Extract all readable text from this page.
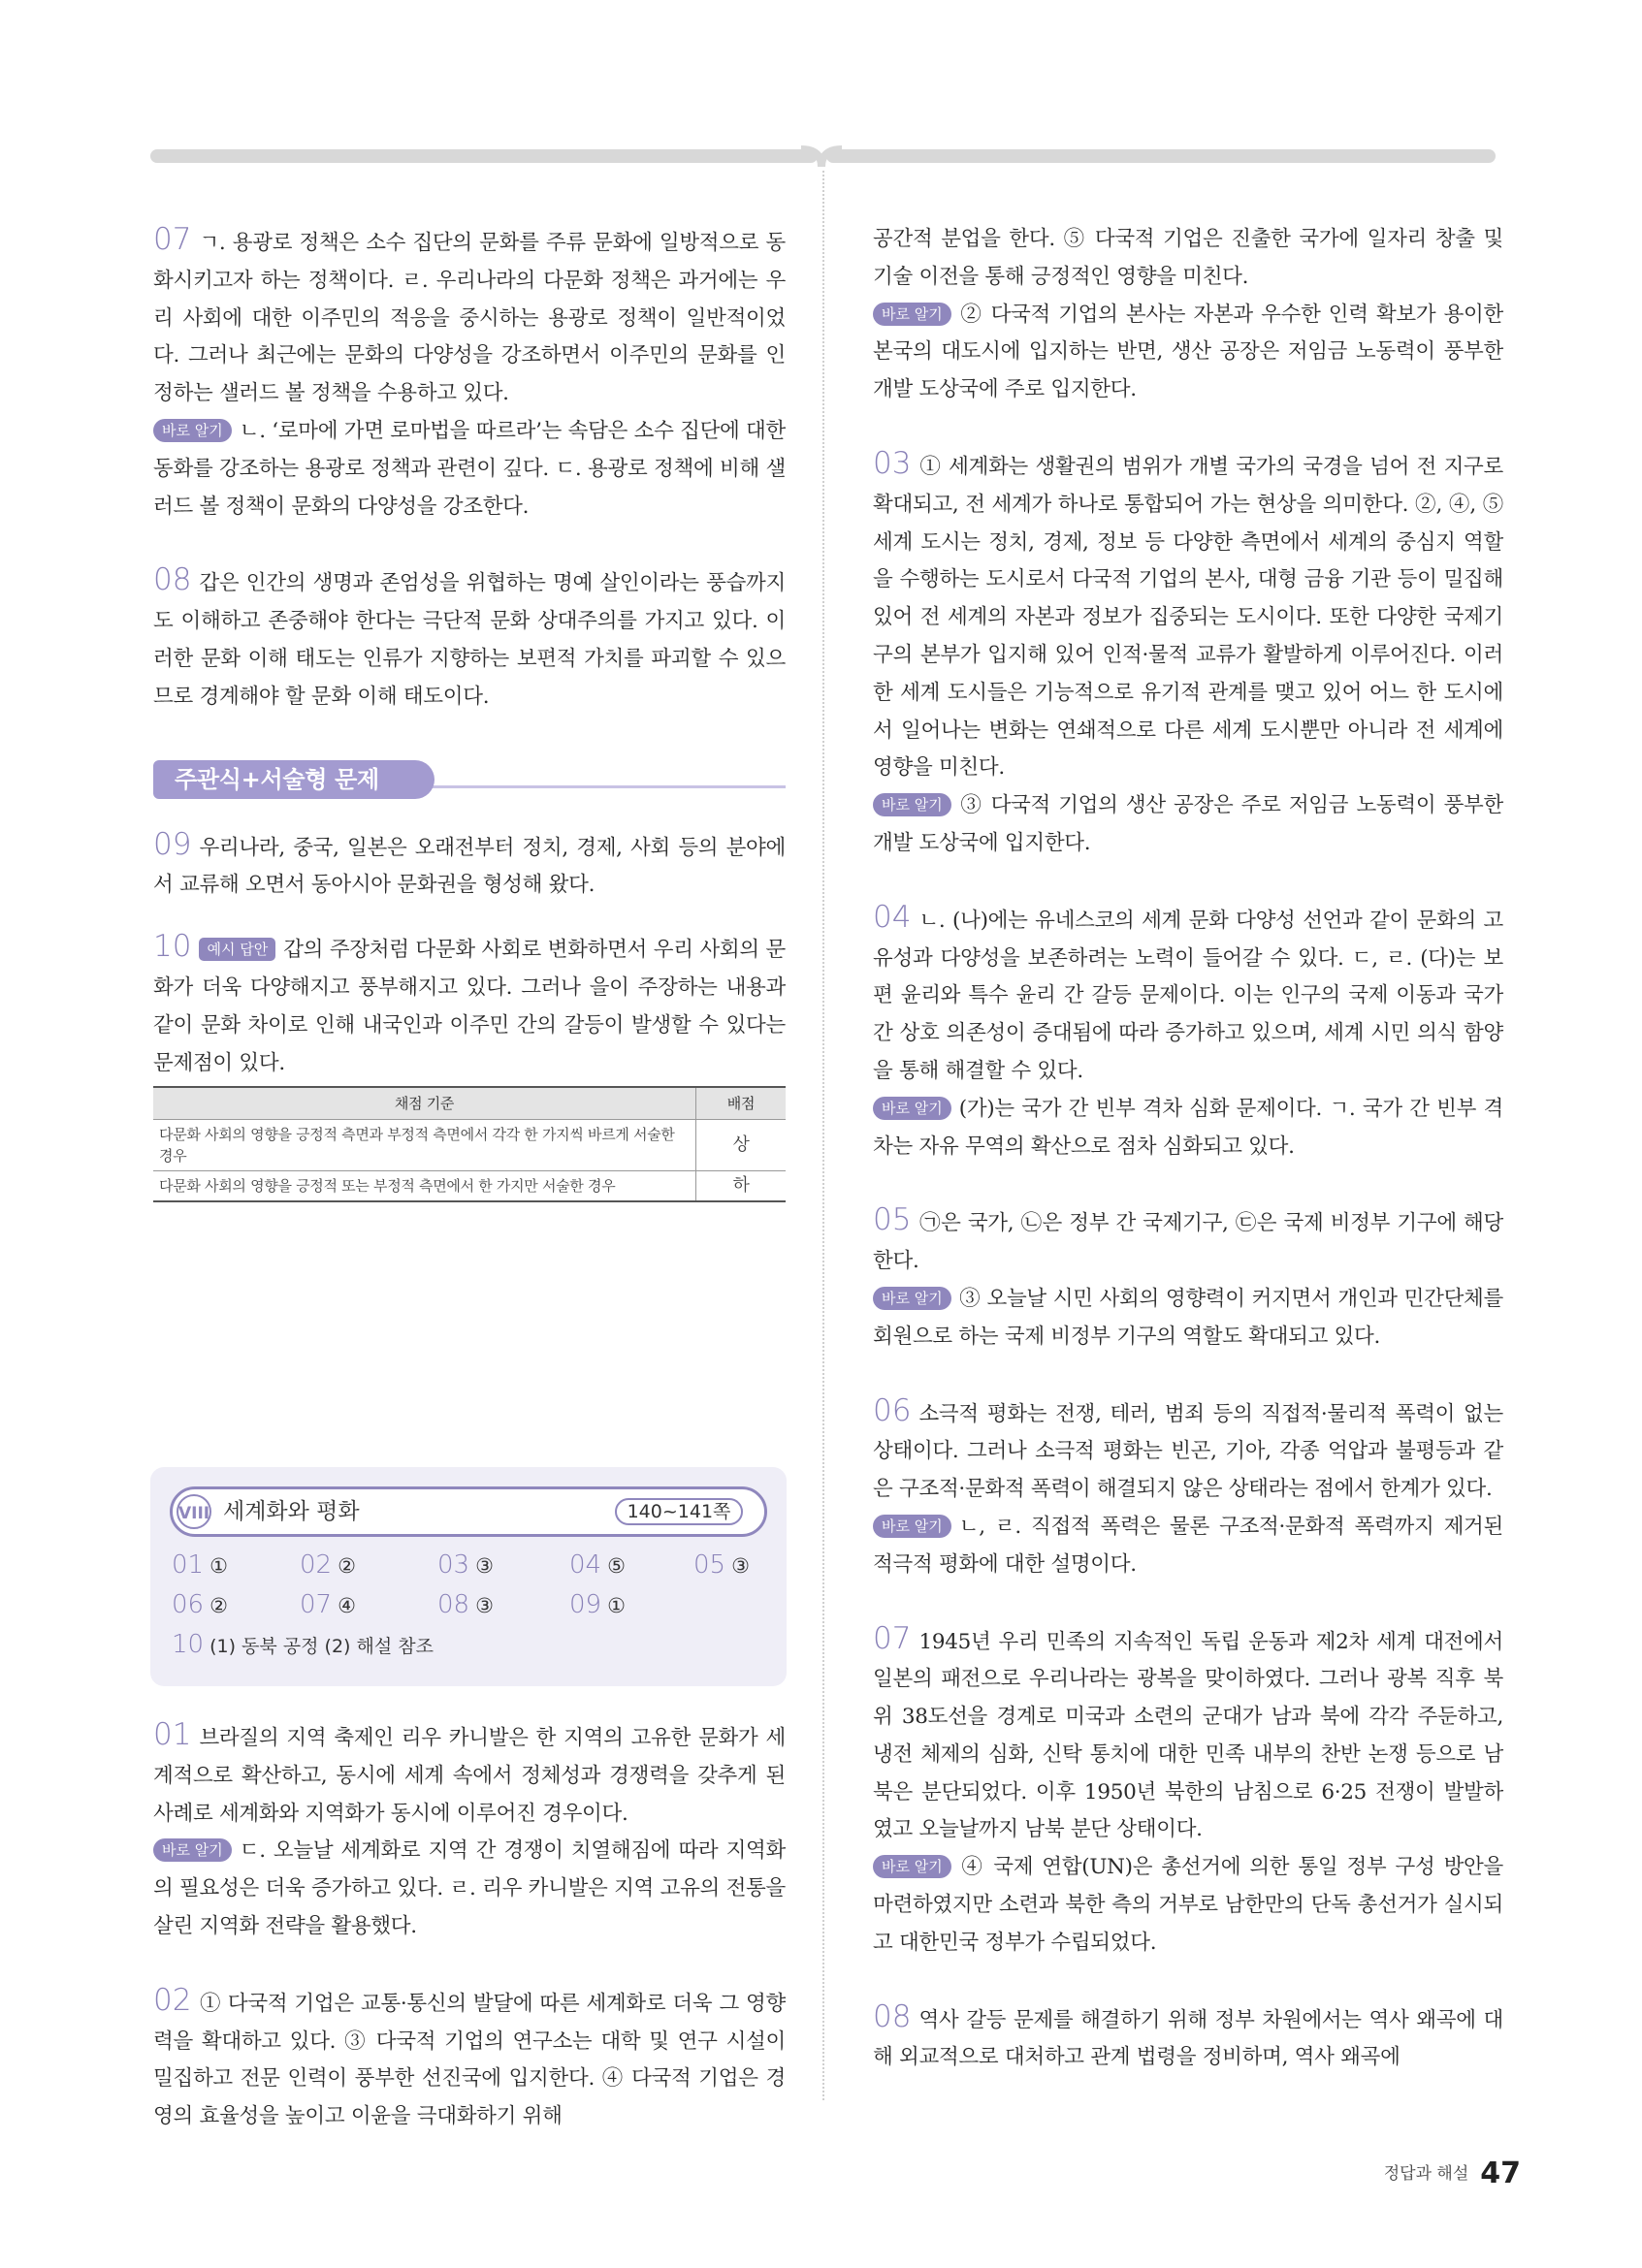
07 ㄱ. 용광로 정책은 소수 집단의 문화를 주류 문화에 일방적으로 동화시키고자 하는 정책이다. ㄹ. 우리나라의 다문화 정책은 과거에는 우리 사회에 대한 이주민의 적응을 중시하는 용광로 정책이 일반적이었다. 그러나 최근에는 문화의 다양성을 강조하면서 이주민의 문화를 인정하는 샐러드 볼 정책을 수용하고 있다.

바로 알기 ㄴ. ‘로마에 가면 로마법을 따르라’는 속담은 소수 집단에 대한 동화를 강조하는 용광로 정책과 관련이 깊다. ㄷ. 용광로 정책에 비해 샐러드 볼 정책이 문화의 다양성을 강조한다.

08 갑은 인간의 생명과 존엄성을 위협하는 명예 살인이라는 풍습까지도 이해하고 존중해야 한다는 극단적 문화 상대주의를 가지고 있다. 이러한 문화 이해 태도는 인류가 지향하는 보편적 가치를 파괴할 수 있으므로 경계해야 할 문화 이해 태도이다.

주관식+서술형 문제

09 우리나라, 중국, 일본은 오래전부터 정치, 경제, 사회 등의 분야에서 교류해 오면서 동아시아 문화권을 형성해 왔다.

10 예시 답안 갑의 주장처럼 다문화 사회로 변화하면서 우리 사회의 문화가 더욱 다양해지고 풍부해지고 있다. 그러나 을이 주장하는 내용과 같이 문화 차이로 인해 내국인과 이주민 간의 갈등이 발생할 수 있다는 문제점이 있다.

채점 기준	배점
다문화 사회의 영향을 긍정적 측면과 부정적 측면에서 각각 한 가지씩 바르게 서술한 경우	상
다문화 사회의 영향을 긍정적 또는 부정적 측면에서 한 가지만 서술한 경우	하
VIII 세계화와 평화	140~141쪽
01 ①	02 ②	03 ③	04 ⑤	05 ③
06 ②	07 ④	08 ③	09 ①
10 (1) 동북 공정 (2) 해설 참조

01 브라질의 지역 축제인 리우 카니발은 한 지역의 고유한 문화가 세계적으로 확산하고, 동시에 세계 속에서 정체성과 경쟁력을 갖추게 된 사례로 세계화와 지역화가 동시에 이루어진 경우이다.

바로 알기 ㄷ. 오늘날 세계화로 지역 간 경쟁이 치열해짐에 따라 지역화의 필요성은 더욱 증가하고 있다. ㄹ. 리우 카니발은 지역 고유의 전통을 살린 지역화 전략을 활용했다.

02 ① 다국적 기업은 교통·통신의 발달에 따른 세계화로 더욱 그 영향력을 확대하고 있다. ③ 다국적 기업의 연구소는 대학 및 연구 시설이 밀집하고 전문 인력이 풍부한 선진국에 입지한다. ④ 다국적 기업은 경영의 효율성을 높이고 이윤을 극대화하기 위해

공간적 분업을 한다. ⑤ 다국적 기업은 진출한 국가에 일자리 창출 및 기술 이전을 통해 긍정적인 영향을 미친다.

바로 알기 ② 다국적 기업의 본사는 자본과 우수한 인력 확보가 용이한 본국의 대도시에 입지하는 반면, 생산 공장은 저임금 노동력이 풍부한 개발 도상국에 주로 입지한다.

03 ① 세계화는 생활권의 범위가 개별 국가의 국경을 넘어 전 지구로 확대되고, 전 세계가 하나로 통합되어 가는 현상을 의미한다. ②, ④, ⑤ 세계 도시는 정치, 경제, 정보 등 다양한 측면에서 세계의 중심지 역할을 수행하는 도시로서 다국적 기업의 본사, 대형 금융 기관 등이 밀집해 있어 전 세계의 자본과 정보가 집중되는 도시이다. 또한 다양한 국제기구의 본부가 입지해 있어 인적·물적 교류가 활발하게 이루어진다. 이러한 세계 도시들은 기능적으로 유기적 관계를 맺고 있어 어느 한 도시에서 일어나는 변화는 연쇄적으로 다른 세계 도시뿐만 아니라 전 세계에 영향을 미친다.

바로 알기 ③ 다국적 기업의 생산 공장은 주로 저임금 노동력이 풍부한 개발 도상국에 입지한다.

04 ㄴ. (나)에는 유네스코의 세계 문화 다양성 선언과 같이 문화의 고유성과 다양성을 보존하려는 노력이 들어갈 수 있다. ㄷ, ㄹ. (다)는 보편 윤리와 특수 윤리 간 갈등 문제이다. 이는 인구의 국제 이동과 국가 간 상호 의존성이 증대됨에 따라 증가하고 있으며, 세계 시민 의식 함양을 통해 해결할 수 있다.

바로 알기 (가)는 국가 간 빈부 격차 심화 문제이다. ㄱ. 국가 간 빈부 격차는 자유 무역의 확산으로 점차 심화되고 있다.

05 ㉠은 국가, ㉡은 정부 간 국제기구, ㉢은 국제 비정부 기구에 해당한다.

바로 알기 ③ 오늘날 시민 사회의 영향력이 커지면서 개인과 민간단체를 회원으로 하는 국제 비정부 기구의 역할도 확대되고 있다.

06 소극적 평화는 전쟁, 테러, 범죄 등의 직접적·물리적 폭력이 없는 상태이다. 그러나 소극적 평화는 빈곤, 기아, 각종 억압과 불평등과 같은 구조적·문화적 폭력이 해결되지 않은 상태라는 점에서 한계가 있다.

바로 알기 ㄴ, ㄹ. 직접적 폭력은 물론 구조적·문화적 폭력까지 제거된 적극적 평화에 대한 설명이다.

07 1945년 우리 민족의 지속적인 독립 운동과 제2차 세계 대전에서 일본의 패전으로 우리나라는 광복을 맞이하였다. 그러나 광복 직후 북위 38도선을 경계로 미국과 소련의 군대가 남과 북에 각각 주둔하고, 냉전 체제의 심화, 신탁 통치에 대한 민족 내부의 찬반 논쟁 등으로 남북은 분단되었다. 이후 1950년 북한의 남침으로 6·25 전쟁이 발발하였고 오늘날까지 남북 분단 상태이다.

바로 알기 ④ 국제 연합(UN)은 총선거에 의한 통일 정부 구성 방안을 마련하였지만 소련과 북한 측의 거부로 남한만의 단독 총선거가 실시되고 대한민국 정부가 수립되었다.

08 역사 갈등 문제를 해결하기 위해 정부 차원에서는 역사 왜곡에 대해 외교적으로 대처하고 관계 법령을 정비하며, 역사 왜곡에

정답과 해설 47
